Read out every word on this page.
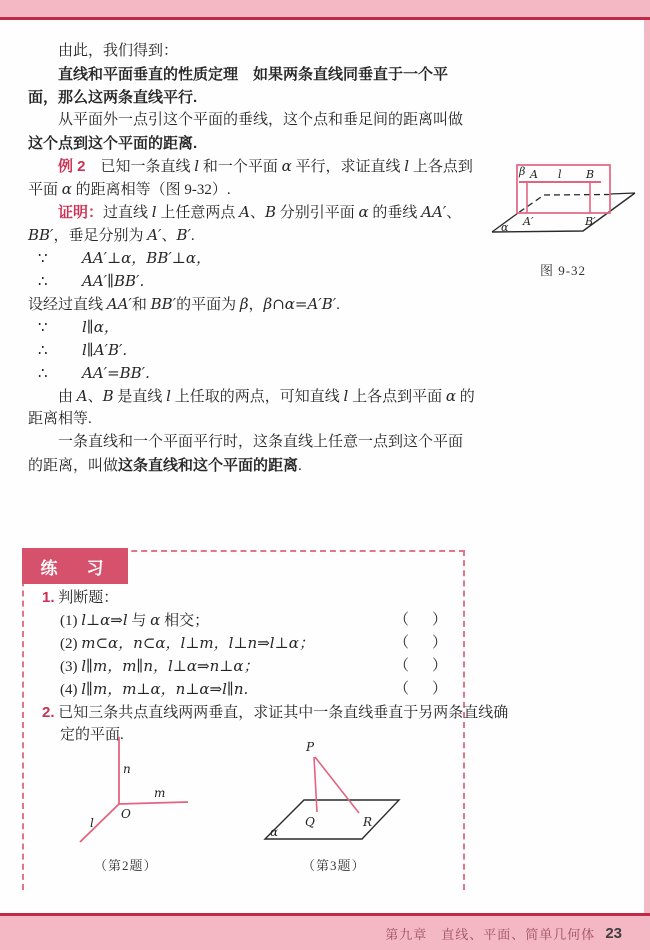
由此，我们得到：
直线和平面垂直的性质定理　如果两条直线同垂直于一个平
面，那么这两条直线平行.
从平面外一点引这个平面的垂线，这个点和垂足间的距离叫做
这个点到这个平面的距离.
例 2　已知一条直线 l 和一个平面 α 平行，求证直线 l 上各点到
平面 α 的距离相等（图 9-32）.
证明：过直线 l 上任意两点 A、B 分别引平面 α 的垂线 AA′、
BB′，垂足分别为 A′、B′.
∵ AA′⊥α，BB′⊥α，
∴ AA′∥BB′.
设经过直线 AA′和 BB′的平面为 β，β∩α=A′B′.
∵ l∥α，
∴ l∥A′B′.
∴ AA′=BB′.
由 A、B 是直线 l 上任取的两点，可知直线 l 上各点到平面 α 的
距离相等.
一条直线和一个平面平行时，这条直线上任意一点到这个平面
的距离，叫做这条直线和这个平面的距离.
β A l B
A′	B′
α
图 9-32
练　习
1. 判断题：
(1) l⊥α⇒l 与 α 相交；	（　）
(2) m⊂α，n⊂α，l⊥m，l⊥n⇒l⊥α；	（　）
(3) l∥m，m∥n，l⊥α⇒n⊥α；	（　）
(4) l∥m，m⊥α，n⊥α⇒l∥n.	（　）
2. 已知三条共点直线两两垂直，求证其中一条直线垂直于另两条直线确
定的平面.
n
m
O
l
（第2题）
P
Q	R
α
（第3题）
第九章　直线、平面、简单几何体 23
